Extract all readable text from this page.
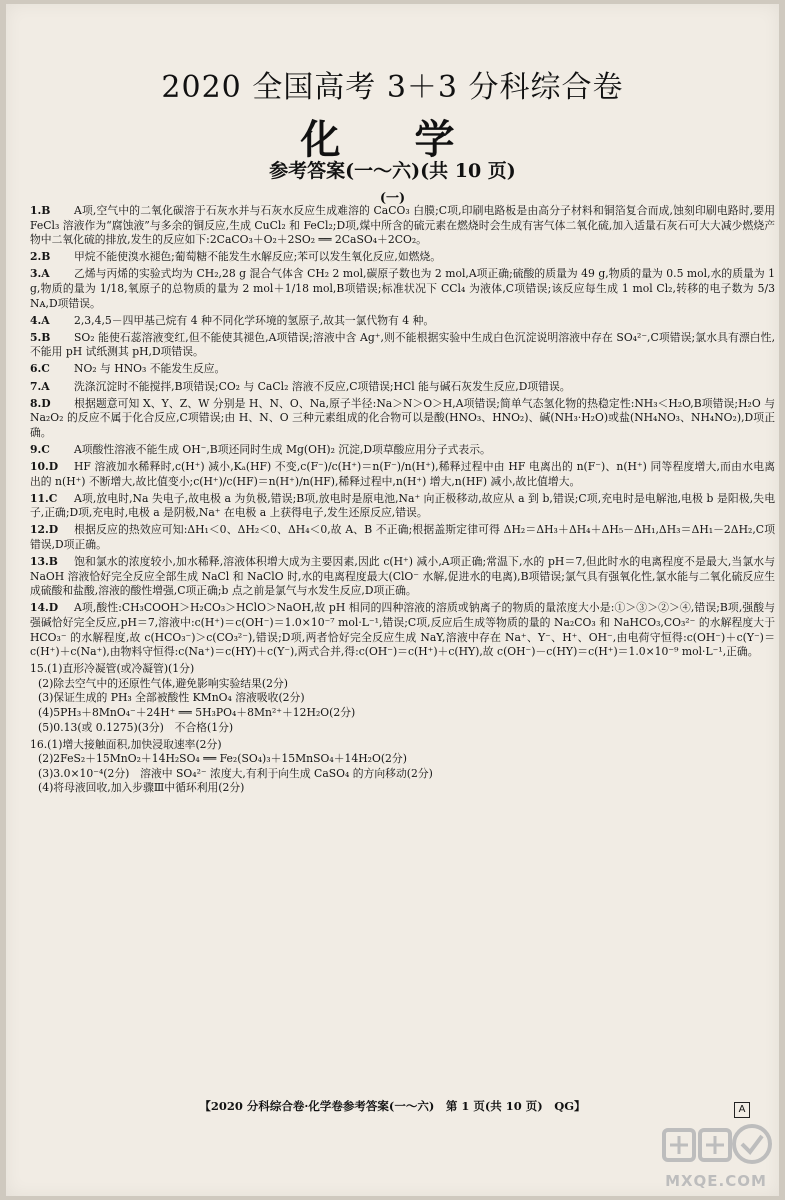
2020 全国高考 3＋3 分科综合卷
化 学
参考答案(一～六)(共 10 页)
(一)
1.B A项,空气中的二氧化碳溶于石灰水并与石灰水反应生成难溶的 CaCO₃ 白膜;C项,印刷电路板是由高分子材料和铜箔复合而成,蚀刻印刷电路时,要用 FeCl₃ 溶液作为“腐蚀液”与多余的铜反应,生成 CuCl₂ 和 FeCl₂;D项,煤中所含的硫元素在燃烧时会生成有害气体二氧化硫,加入适量石灰石可大大减少燃烧产物中二氧化硫的排放,发生的反应如下:2CaCO₃＋O₂＋2SO₂ ══ 2CaSO₄＋2CO₂。
2.B 甲烷不能使溴水褪色;葡萄糖不能发生水解反应;苯可以发生氧化反应,如燃烧。
3.A 乙烯与丙烯的实验式均为 CH₂,28 g 混合气体含 CH₂ 2 mol,碳原子数也为 2 mol,A项正确;硫酸的质量为 49 g,物质的量为 0.5 mol,水的质量为 1 g,物质的量为 1/18,氧原子的总物质的量为 2 mol＋1/18 mol,B项错误;标准状况下 CCl₄ 为液体,C项错误;该反应每生成 1 mol Cl₂,转移的电子数为 5/3 Nᴀ,D项错误。
4.A 2,3,4,5－四甲基己烷有 4 种不同化学环境的氢原子,故其一氯代物有 4 种。
5.B SO₂ 能使石蕊溶液变红,但不能使其褪色,A项错误;溶液中含 Ag⁺,则不能根据实验中生成白色沉淀说明溶液中存在 SO₄²⁻,C项错误;氯水具有漂白性,不能用 pH 试纸测其 pH,D项错误。
6.C NO₂ 与 HNO₃ 不能发生反应。
7.A 洗涤沉淀时不能搅拌,B项错误;CO₂ 与 CaCl₂ 溶液不反应,C项错误;HCl 能与碱石灰发生反应,D项错误。
8.D 根据题意可知 X、Y、Z、W 分别是 H、N、O、Na,原子半径:Na＞N＞O＞H,A项错误;简单气态氢化物的热稳定性:NH₃＜H₂O,B项错误;H₂O 与 Na₂O₂ 的反应不属于化合反应,C项错误;由 H、N、O 三种元素组成的化合物可以是酸(HNO₃、HNO₂)、碱(NH₃·H₂O)或盐(NH₄NO₃、NH₄NO₂),D项正确。
9.C A项酸性溶液不能生成 OH⁻,B项还同时生成 Mg(OH)₂ 沉淀,D项草酸应用分子式表示。
10.D HF 溶液加水稀释时,c(H⁺) 减小,Kₐ(HF) 不变,c(F⁻)/c(H⁺)＝n(F⁻)/n(H⁺),稀释过程中由 HF 电离出的 n(F⁻)、n(H⁺) 同等程度增大,而由水电离出的 n(H⁺) 不断增大,故比值变小;c(H⁺)/c(HF)＝n(H⁺)/n(HF),稀释过程中,n(H⁺) 增大,n(HF) 减小,故比值增大。
11.C A项,放电时,Na 失电子,故电极 a 为负极,错误;B项,放电时是原电池,Na⁺ 向正极移动,故应从 a 到 b,错误;C项,充电时是电解池,电极 b 是阳极,失电子,正确;D项,充电时,电极 a 是阴极,Na⁺ 在电极 a 上获得电子,发生还原反应,错误。
12.D 根据反应的热效应可知:ΔH₁＜0、ΔH₂＜0、ΔH₄＜0,故 A、B 不正确;根据盖斯定律可得 ΔH₂＝ΔH₃＋ΔH₄＋ΔH₅－ΔH₁,ΔH₃＝ΔH₁－2ΔH₂,C项错误,D项正确。
13.B 饱和氯水的浓度较小,加水稀释,溶液体积增大成为主要因素,因此 c(H⁺) 减小,A项正确;常温下,水的 pH＝7,但此时水的电离程度不是最大,当氯水与 NaOH 溶液恰好完全反应全部生成 NaCl 和 NaClO 时,水的电离程度最大(ClO⁻ 水解,促进水的电离),B项错误;氯气具有强氧化性,氯水能与二氧化硫反应生成硫酸和盐酸,溶液的酸性增强,C项正确;b 点之前是氯气与水发生反应,D项正确。
14.D A项,酸性:CH₃COOH＞H₂CO₃＞HClO＞NaOH,故 pH 相同的四种溶液的溶质或钠离子的物质的量浓度大小是:①＞③＞②＞④,错误;B项,强酸与强碱恰好完全反应,pH＝7,溶液中:c(H⁺)＝c(OH⁻)＝1.0×10⁻⁷ mol·L⁻¹,错误;C项,反应后生成等物质的量的 Na₂CO₃ 和 NaHCO₃,CO₃²⁻ 的水解程度大于 HCO₃⁻ 的水解程度,故 c(HCO₃⁻)＞c(CO₃²⁻),错误;D项,两者恰好完全反应生成 NaY,溶液中存在 Na⁺、Y⁻、H⁺、OH⁻,由电荷守恒得:c(OH⁻)＋c(Y⁻)＝c(H⁺)＋c(Na⁺),由物料守恒得:c(Na⁺)＝c(HY)＋c(Y⁻),两式合并,得:c(OH⁻)＝c(H⁺)＋c(HY),故 c(OH⁻)－c(HY)＝c(H⁺)＝1.0×10⁻⁹ mol·L⁻¹,正确。
15.(1)直形冷凝管(或冷凝管)(1分)
(2)除去空气中的还原性气体,避免影响实验结果(2分)
(3)保证生成的 PH₃ 全部被酸性 KMnO₄ 溶液吸收(2分)
(4)5PH₃＋8MnO₄⁻＋24H⁺ ══ 5H₃PO₄＋8Mn²⁺＋12H₂O(2分)
(5)0.13(或 0.1275)(3分)　不合格(1分)
16.(1)增大接触面积,加快浸取速率(2分)
(2)2FeS₂＋15MnO₂＋14H₂SO₄ ══ Fe₂(SO₄)₃＋15MnSO₄＋14H₂O(2分)
(3)3.0×10⁻⁴(2分)　溶液中 SO₄²⁻ 浓度大,有利于向生成 CaSO₄ 的方向移动(2分)
(4)将母液回收,加入步骤Ⅲ中循环利用(2分)
【2020 分科综合卷·化学卷参考答案(一～六)　第 1 页(共 10 页)　QG】	A
MXQE.COM
